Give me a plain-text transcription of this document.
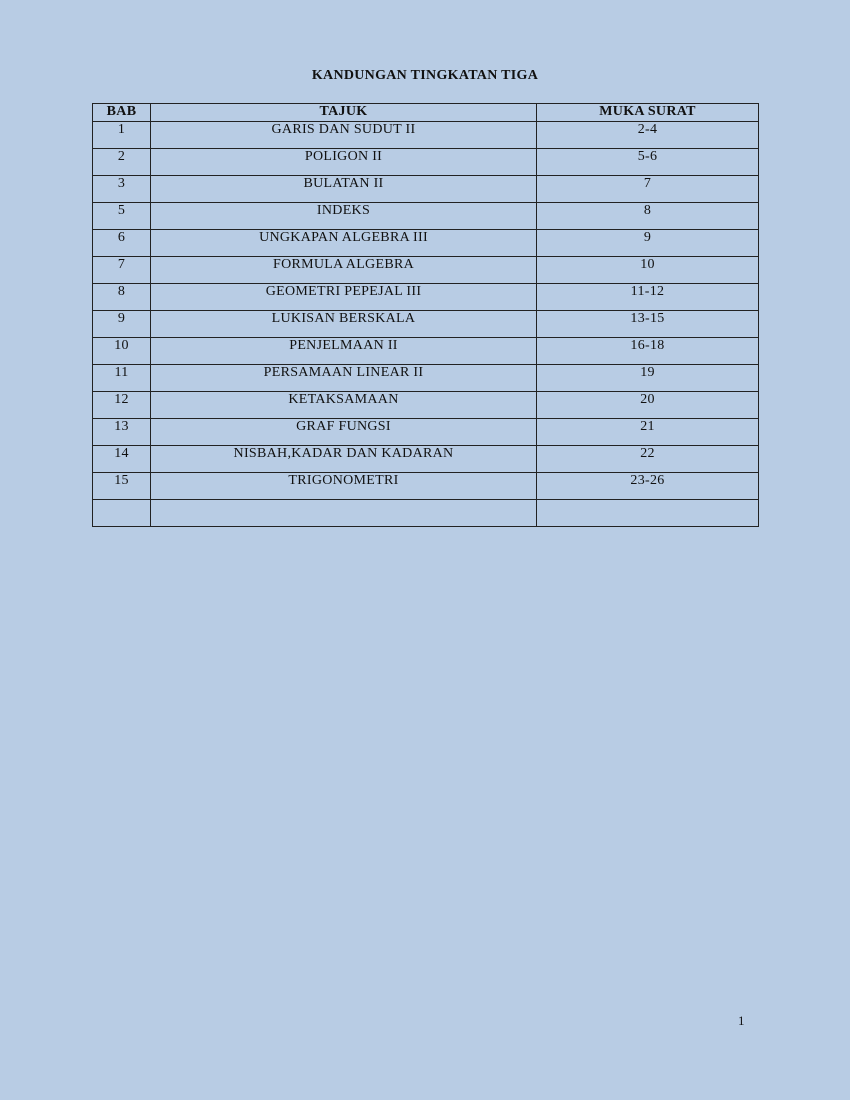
KANDUNGAN TINGKATAN TIGA
BAB	TAJUK	MUKA SURAT
1	GARIS DAN SUDUT II	2-4
2	POLIGON II	5-6
3	BULATAN II	7
5	INDEKS	8
6	UNGKAPAN ALGEBRA III	9
7	FORMULA ALGEBRA	10
8	GEOMETRI PEPEJAL III	11-12
9	LUKISAN BERSKALA	13-15
10	PENJELMAAN II	16-18
11	PERSAMAAN LINEAR II	19
12	KETAKSAMAAN	20
13	GRAF FUNGSI	21
14	NISBAH,KADAR DAN KADARAN	22
15	TRIGONOMETRI	23-26

1
